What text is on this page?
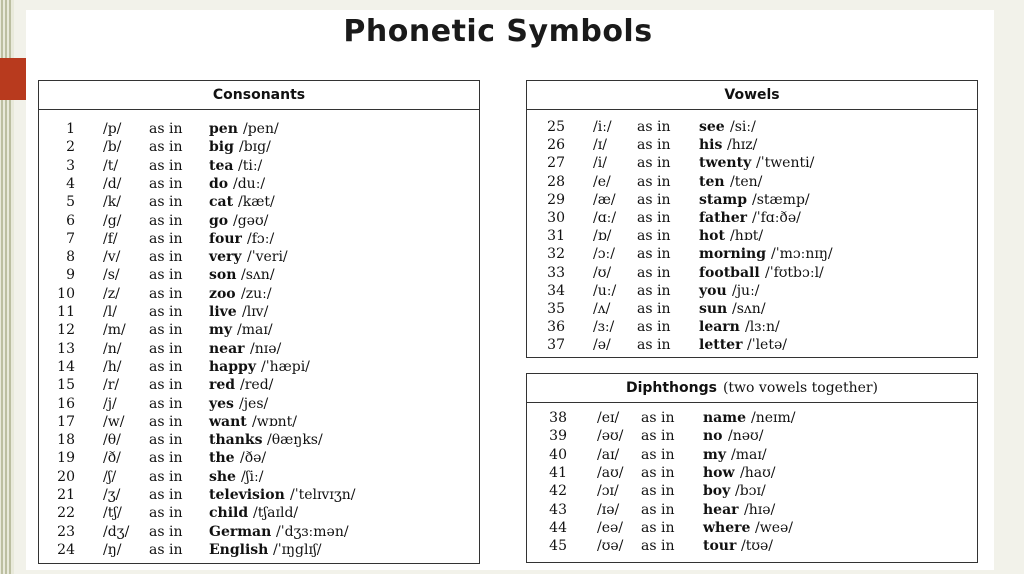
Phonetic Symbols
Consonants
1 /p/ as in pen /pen/
2 /b/ as in big /bɪg/
3 /t/ as in tea /tiː/
4 /d/ as in do /duː/
5 /k/ as in cat /kæt/
6 /g/ as in go /gəʊ/
7 /f/ as in four /fɔː/
8 /v/ as in very /ˈveri/
9 /s/ as in son /sʌn/
10 /z/ as in zoo /zuː/
11 /l/ as in live /lɪv/
12 /m/ as in my /maɪ/
13 /n/ as in near /nɪə/
14 /h/ as in happy /ˈhæpi/
15 /r/ as in red /red/
16 /j/ as in yes /jes/
17 /w/ as in want /wɒnt/
18 /θ/ as in thanks /θæŋks/
19 /ð/ as in the /ðə/
20 /ʃ/ as in she /ʃiː/
21 /ʒ/ as in television /ˈtelɪvɪʒn/
22 /tʃ/ as in child /tʃaɪld/
23 /dʒ/ as in German /ˈdʒɜːmən/
24 /ŋ/ as in English /ˈɪŋglɪʃ/
Vowels
25 /iː/ as in see /siː/
26 /ɪ/ as in his /hɪz/
27 /i/ as in twenty /ˈtwenti/
28 /e/ as in ten /ten/
29 /æ/ as in stamp /stæmp/
30 /ɑː/ as in father /ˈfɑːðə/
31 /ɒ/ as in hot /hɒt/
32 /ɔː/ as in morning /ˈmɔːnɪŋ/
33 /ʊ/ as in football /ˈfʊtbɔːl/
34 /uː/ as in you /juː/
35 /ʌ/ as in sun /sʌn/
36 /ɜː/ as in learn /lɜːn/
37 /ə/ as in letter /ˈletə/
Diphthongs (two vowels together)
38 /eɪ/ as in name /neɪm/
39 /əʊ/ as in no /nəʊ/
40 /aɪ/ as in my /maɪ/
41 /aʊ/ as in how /haʊ/
42 /ɔɪ/ as in boy /bɔɪ/
43 /ɪə/ as in hear /hɪə/
44 /eə/ as in where /weə/
45 /ʊə/ as in tour /tʊə/
